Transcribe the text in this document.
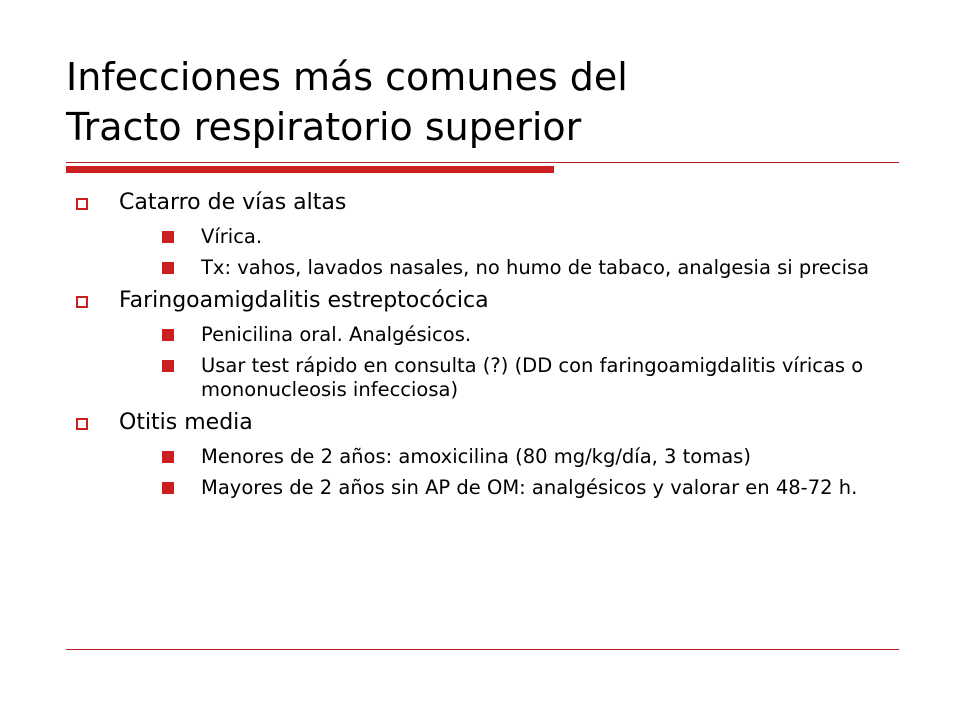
Infecciones más comunes del
Tracto respiratorio superior
Catarro de vías altas
Vírica.
Tx: vahos, lavados nasales, no humo de tabaco, analgesia si precisa
Faringoamigdalitis estreptocócica
Penicilina oral. Analgésicos.
Usar test rápido en consulta (?) (DD con faringoamigdalitis víricas o mononucleosis infecciosa)
Otitis media
Menores de 2 años: amoxicilina (80 mg/kg/día, 3 tomas)
Mayores de 2 años sin AP de OM: analgésicos y valorar en 48-72 h.
